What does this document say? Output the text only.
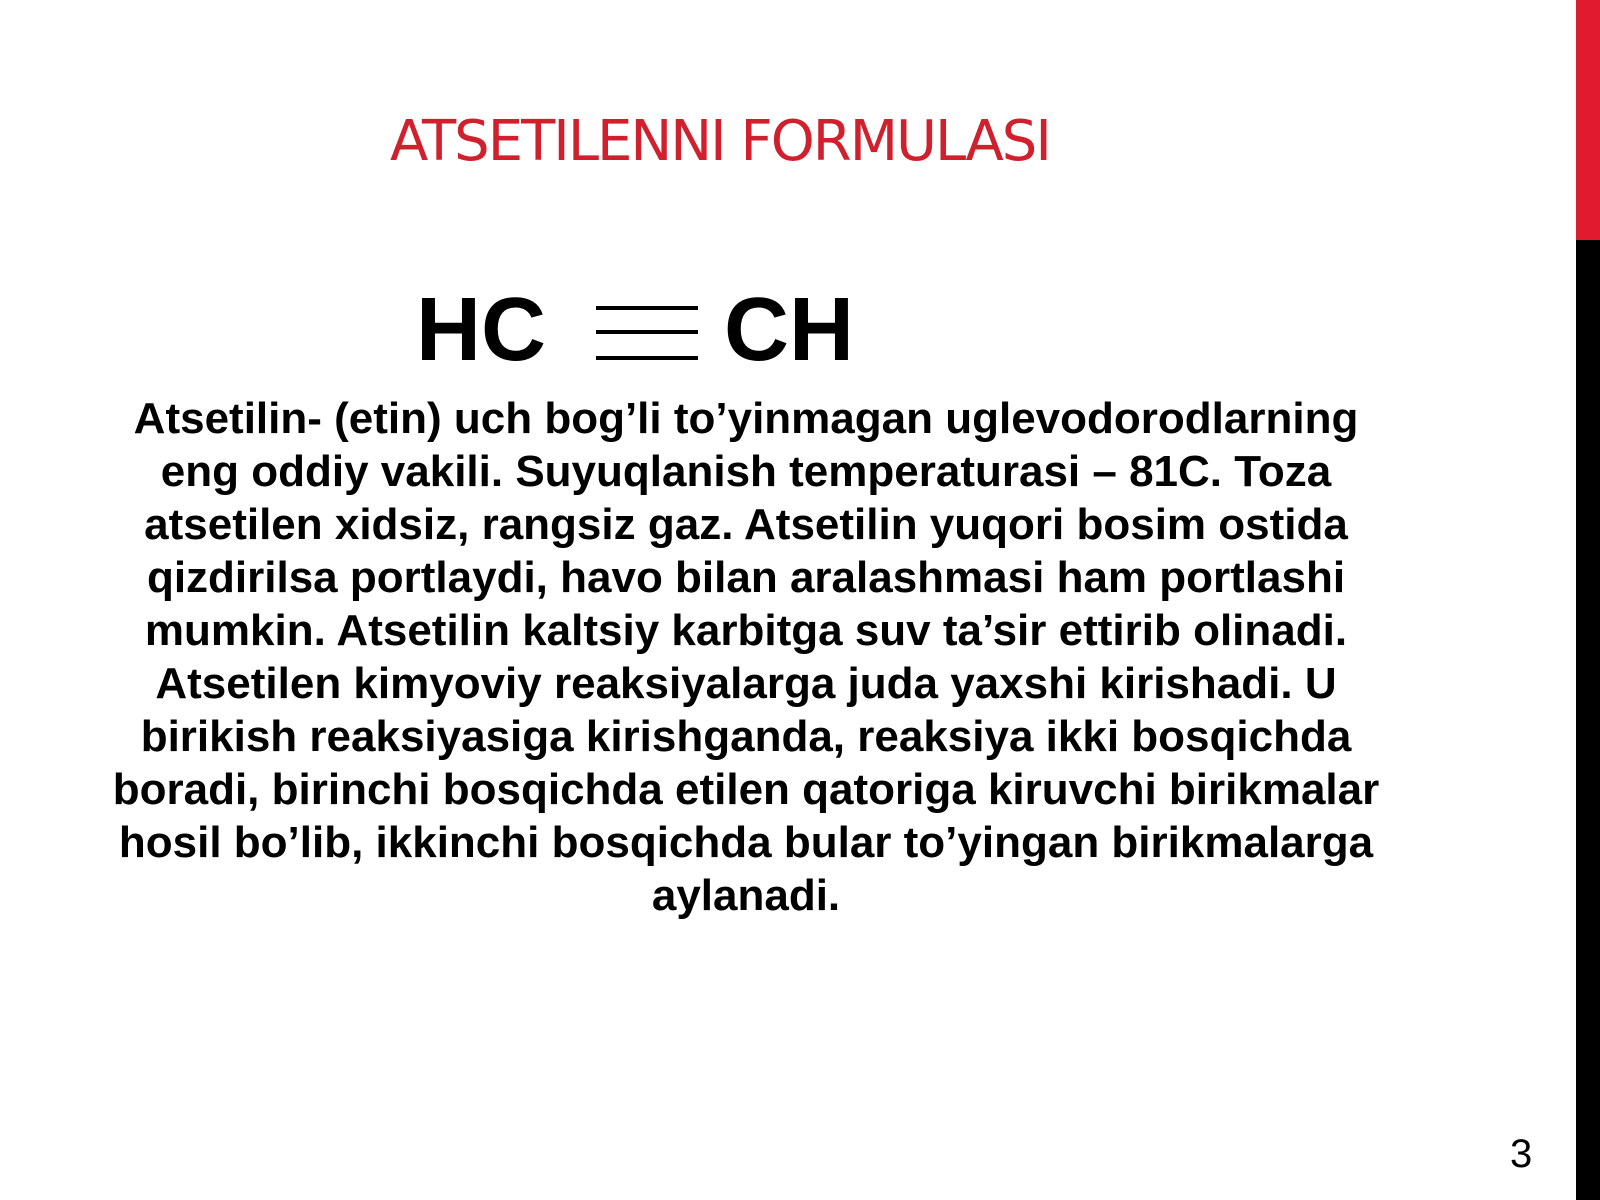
ATSETILENNI FORMULASI
HC CH

Atsetilin- (etin) uch bog’li to’yinmagan uglevodorodlarning eng oddiy vakili. Suyuqlanish temperaturasi – 81C. Toza atsetilen xidsiz, rangsiz gaz. Atsetilin yuqori bosim ostida qizdirilsa portlaydi, havo bilan aralashmasi ham portlashi mumkin. Atsetilin kaltsiy karbitga suv ta’sir ettirib olinadi. Atsetilen kimyoviy reaksiyalarga juda yaxshi kirishadi. U birikish reaksiyasiga kirishganda, reaksiya ikki bosqichda boradi, birinchi bosqichda etilen qatoriga kiruvchi birikmalar hosil bo’lib, ikkinchi bosqichda bular to’yingan birikmalarga aylanadi.

3
